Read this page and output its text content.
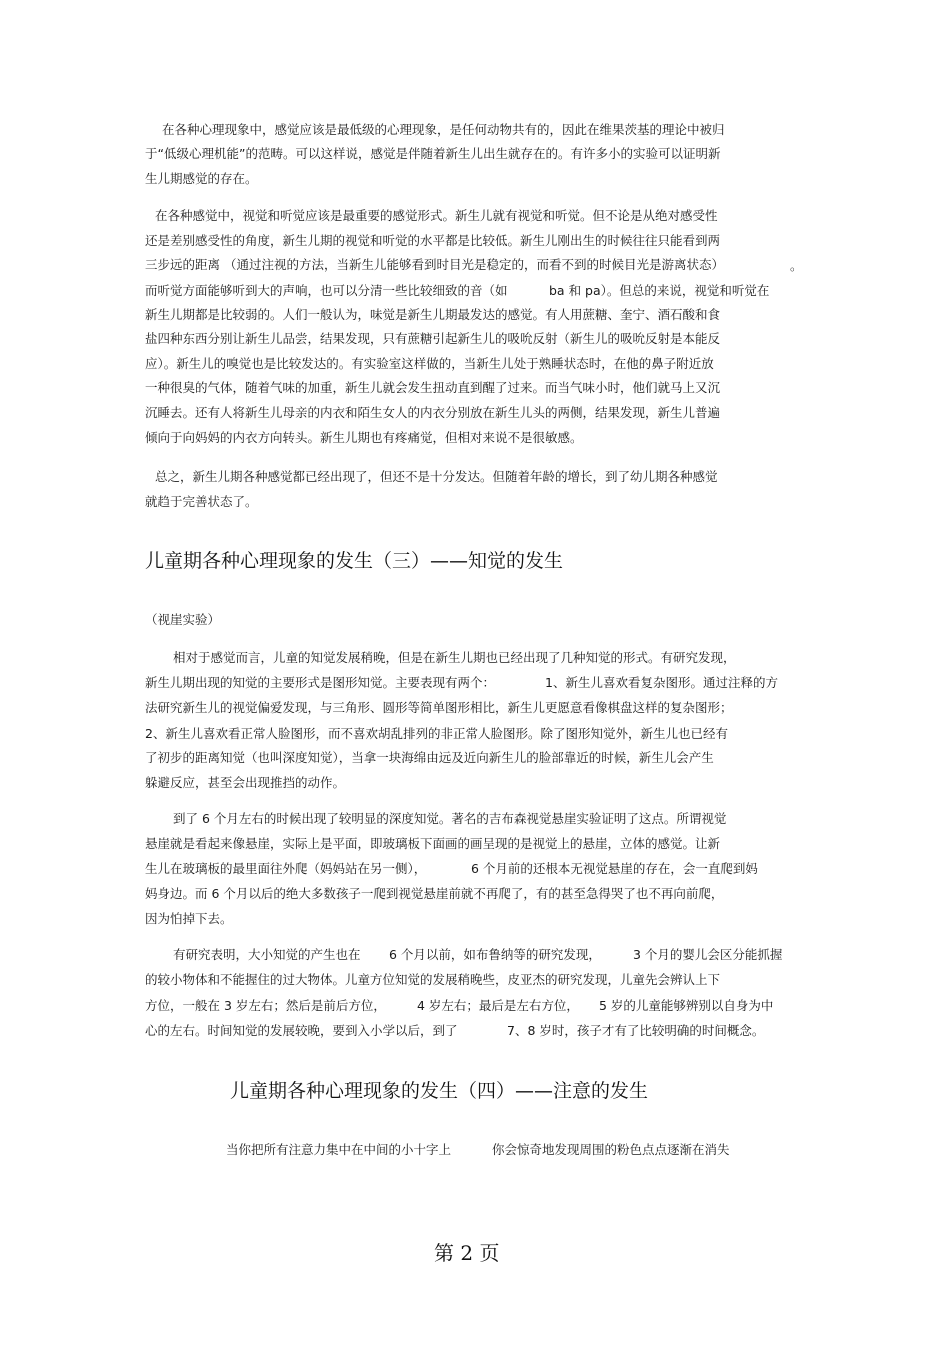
在各种心理现象中，感觉应该是最低级的心理现象，是任何动物共有的，因此在维果茨基的理论中被归
于“低级心理机能”的范畴。可以这样说，感觉是伴随着新生儿出生就存在的。有许多小的实验可以证明新
生儿期感觉的存在。
在各种感觉中，视觉和听觉应该是最重要的感觉形式。新生儿就有视觉和听觉。但不论是从绝对感受性
还是差别感受性的角度，新生儿期的视觉和听觉的水平都是比较低。新生儿刚出生的时候往往只能看到两
三步远的距离 （通过注视的方法，当新生儿能够看到时目光是稳定的，而看不到的时候目光是游离状态）	。
而听觉方面能够听到大的声响，也可以分清一些比较细致的音（如	ba 和 pa）。但总的来说，视觉和听觉在
新生儿期都是比较弱的。人们一般认为，味觉是新生儿期最发达的感觉。有人用蔗糖、奎宁、酒石酸和食
盐四种东西分别让新生儿品尝，结果发现，只有蔗糖引起新生儿的吸吮反射（新生儿的吸吮反射是本能反
应）。新生儿的嗅觉也是比较发达的。有实验室这样做的，当新生儿处于熟睡状态时，在他的鼻子附近放
一种很臭的气体，随着气味的加重，新生儿就会发生扭动直到醒了过来。而当气味小时，他们就马上又沉
沉睡去。还有人将新生儿母亲的内衣和陌生女人的内衣分别放在新生儿头的两侧，结果发现，新生儿普遍
倾向于向妈妈的内衣方向转头。新生儿期也有疼痛觉，但相对来说不是很敏感。
总之，新生儿期各种感觉都已经出现了，但还不是十分发达。但随着年龄的增长，到了幼儿期各种感觉
就趋于完善状态了。
儿童期各种心理现象的发生（三）——知觉的发生
（视崖实验）
相对于感觉而言，儿童的知觉发展稍晚，但是在新生儿期也已经出现了几种知觉的形式。有研究发现，
新生儿期出现的知觉的主要形式是图形知觉。主要表现有两个：	1、新生儿喜欢看复杂图形。通过注释的方
法研究新生儿的视觉偏爱发现，与三角形、圆形等简单图形相比，新生儿更愿意看像棋盘这样的复杂图形；
2、新生儿喜欢看正常人脸图形，而不喜欢胡乱排列的非正常人脸图形。除了图形知觉外，新生儿也已经有
了初步的距离知觉（也叫深度知觉），当拿一块海绵由远及近向新生儿的脸部靠近的时候，新生儿会产生
躲避反应，甚至会出现推挡的动作。
到了 6 个月左右的时候出现了较明显的深度知觉。著名的吉布森视觉悬崖实验证明了这点。所谓视觉
悬崖就是看起来像悬崖，实际上是平面，即玻璃板下面画的画呈现的是视觉上的悬崖，立体的感觉。让新
生儿在玻璃板的最里面往外爬（妈妈站在另一侧），	6 个月前的还根本无视觉悬崖的存在，会一直爬到妈
妈身边。而 6 个月以后的绝大多数孩子一爬到视觉悬崖前就不再爬了，有的甚至急得哭了也不再向前爬，
因为怕掉下去。
有研究表明，大小知觉的产生也在 6 个月以前，如布鲁纳等的研究发现，	3 个月的婴儿会区分能抓握
的较小物体和不能握住的过大物体。儿童方位知觉的发展稍晚些，皮亚杰的研究发现，儿童先会辨认上下
方位，一般在 3 岁左右；然后是前后方位， 4 岁左右；最后是左右方位， 5 岁的儿童能够辨别以自身为中
心的左右。时间知觉的发展较晚，要到入小学以后，到了	7、8 岁时，孩子才有了比较明确的时间概念。
儿童期各种心理现象的发生（四）——注意的发生
当你把所有注意力集中在中间的小十字上	你会惊奇地发现周围的粉色点点逐渐在消失
第 2 页
